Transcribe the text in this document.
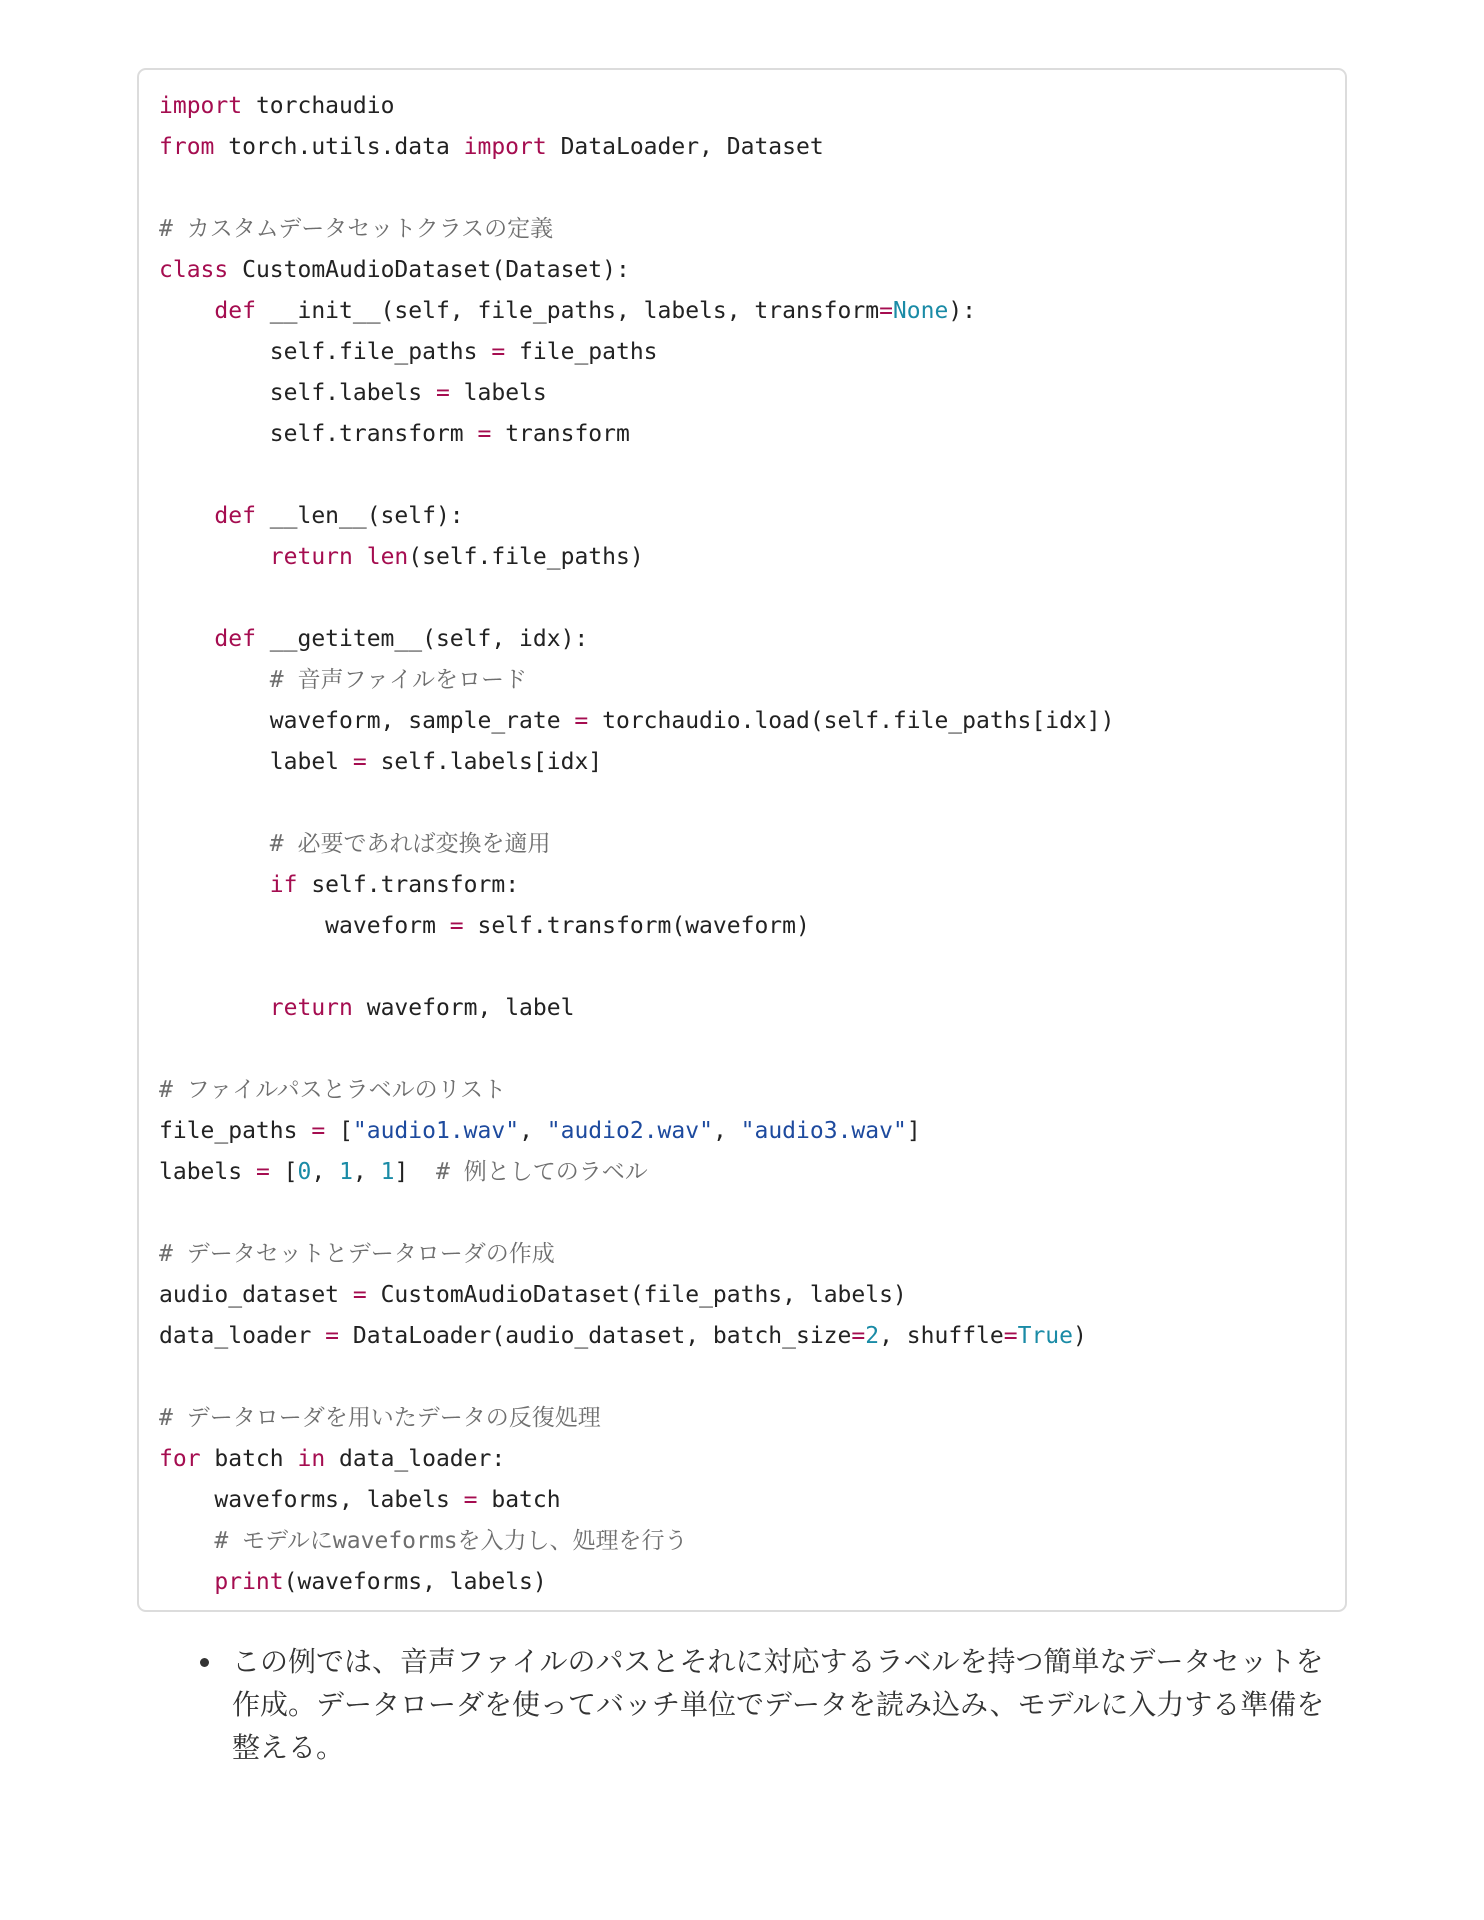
import torchaudio
from torch.utils.data import DataLoader, Dataset
# カスタムデータセットクラスの定義
class CustomAudioDataset(Dataset):
def __init__(self, file_paths, labels, transform=None):
self.file_paths = file_paths
self.labels = labels
self.transform = transform
def __len__(self):
return len(self.file_paths)
def __getitem__(self, idx):
# 音声ファイルをロード
waveform, sample_rate = torchaudio.load(self.file_paths[idx])
label = self.labels[idx]
# 必要であれば変換を適用
if self.transform:
waveform = self.transform(waveform)
return waveform, label
# ファイルパスとラベルのリスト
file_paths = ["audio1.wav", "audio2.wav", "audio3.wav"]
labels = [0, 1, 1]  # 例としてのラベル
# データセットとデータローダの作成
audio_dataset = CustomAudioDataset(file_paths, labels)
data_loader = DataLoader(audio_dataset, batch_size=2, shuffle=True)
# データローダを用いたデータの反復処理
for batch in data_loader:
waveforms, labels = batch
# モデルにwaveformsを入力し、処理を行う
print(waveforms, labels)
この例では、音声ファイルのパスとそれに対応するラベルを持つ簡単なデータセットを作成。データローダを使ってバッチ単位でデータを読み込み、モデルに入力する準備を整える。
